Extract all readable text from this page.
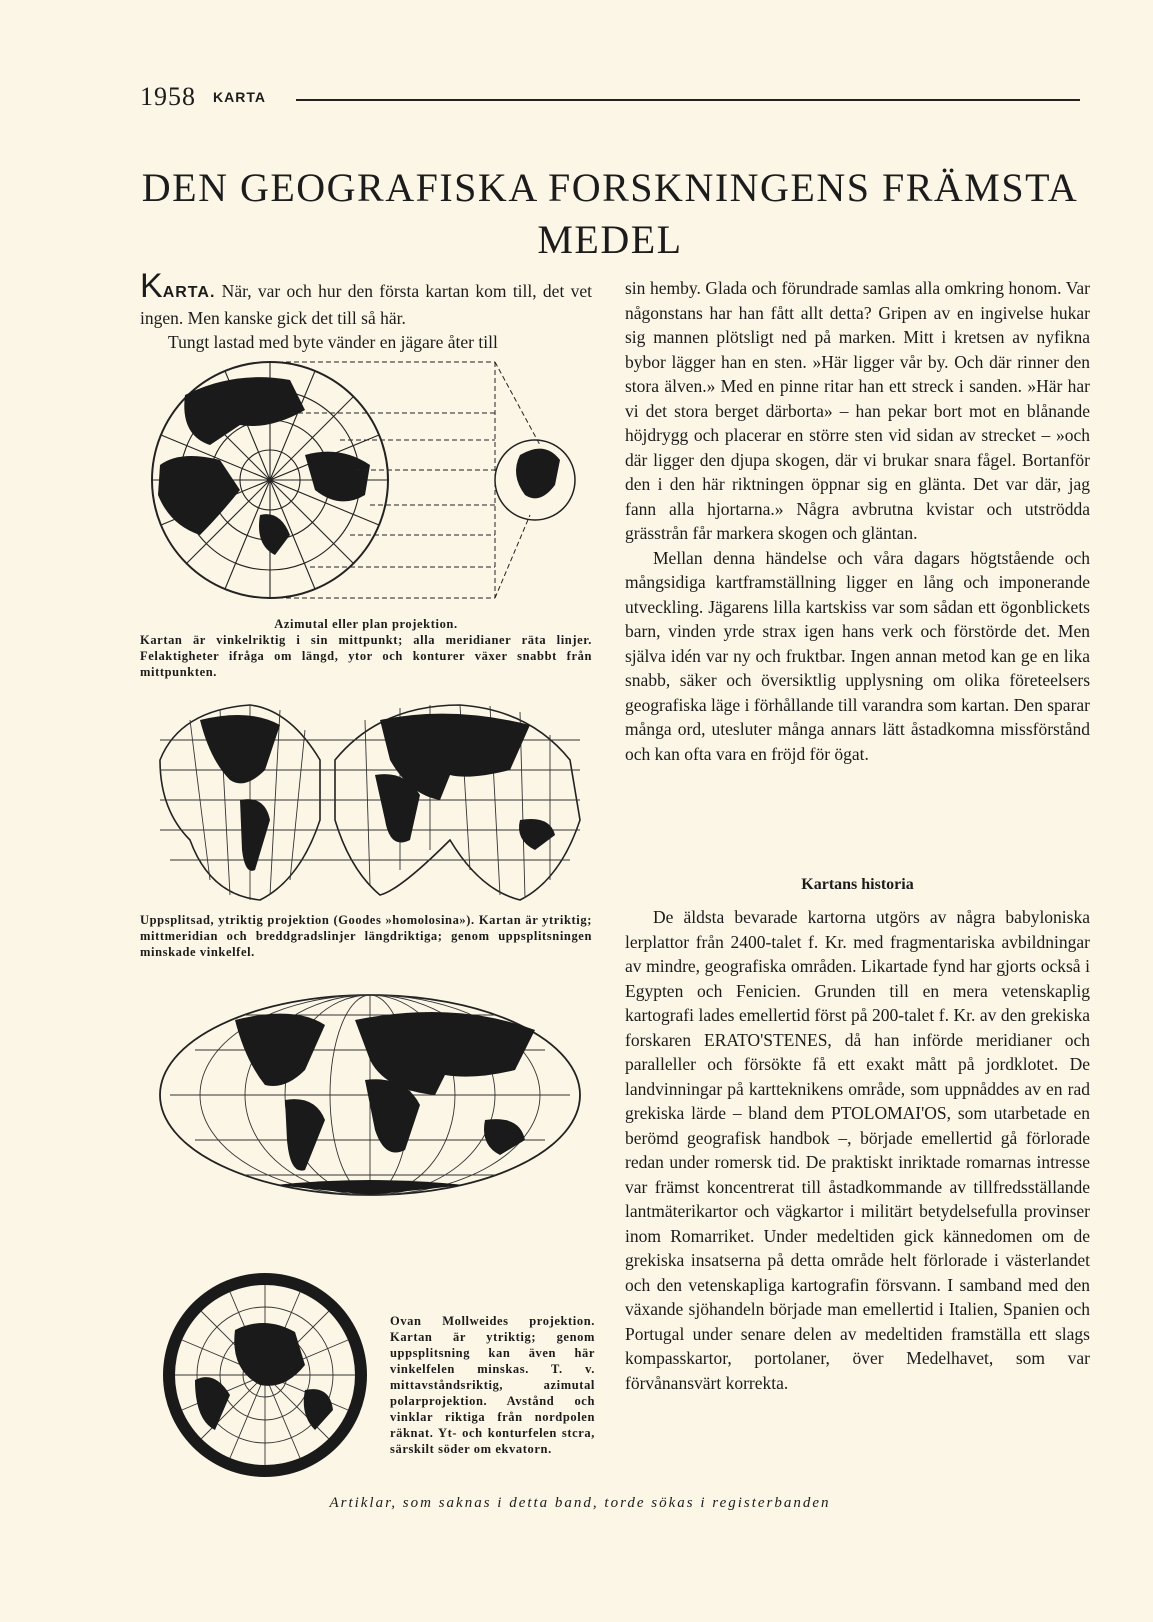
1958 KARTA
DEN GEOGRAFISKA FORSKNINGENS FRÄMSTA
MEDEL

KARTA. När, var och hur den första kartan kom till, det vet ingen. Men kanske gick det till så här.

Tungt lastad med byte vänder en jägare åter till

Azimutal eller plan projektion.
Kartan är vinkelriktig i sin mittpunkt; alla meridianer räta linjer. Felaktigheter ifråga om längd, ytor och konturer växer snabbt från mittpunkten.
Uppsplitsad, ytriktig projektion (Goodes »homolosina»). Kartan är ytriktig; mittmeridian och breddgradslinjer längdriktiga; genom uppsplitsningen minskade vinkelfel.
Ovan Mollweides projektion. Kartan är ytriktig; genom uppsplitsning kan även här vinkelfelen minskas. T. v. mittavståndsriktig, azimutal polarprojektion. Avstånd och vinklar riktiga från nordpolen räknat. Yt- och konturfelen stcra, särskilt söder om ekvatorn.

sin hemby. Glada och förundrade samlas alla omkring honom. Var någonstans har han fått allt detta? Gripen av en ingivelse hukar sig mannen plötsligt ned på marken. Mitt i kretsen av nyfikna bybor lägger han en sten. »Här ligger vår by. Och där rinner den stora älven.» Med en pinne ritar han ett streck i sanden. »Här har vi det stora berget därborta» – han pekar bort mot en blånande höjdrygg och placerar en större sten vid sidan av strecket – »och där ligger den djupa skogen, där vi brukar snara fågel. Bortanför den i den här riktningen öppnar sig en glänta. Det var där, jag fann alla hjortarna.» Några avbrutna kvistar och utströdda grässtrån får markera skogen och gläntan.

Mellan denna händelse och våra dagars högtstående och mångsidiga kartframställning ligger en lång och imponerande utveckling. Jägarens lilla kartskiss var som sådan ett ögonblickets barn, vinden yrde strax igen hans verk och förstörde det. Men själva idén var ny och fruktbar. Ingen annan metod kan ge en lika snabb, säker och översiktlig upplysning om olika företeelsers geografiska läge i förhållande till varandra som kartan. Den sparar många ord, utesluter många annars lätt åstadkomna missförstånd och kan ofta vara en fröjd för ögat.

Kartans historia

De äldsta bevarade kartorna utgörs av några babyloniska lerplattor från 2400-talet f. Kr. med fragmentariska avbildningar av mindre, geografiska områden. Likartade fynd har gjorts också i Egypten och Fenicien. Grunden till en mera vetenskaplig kartografi lades emellertid först på 200-talet f. Kr. av den grekiska forskaren ERATO'STENES, då han införde meridianer och paralleller och försökte få ett exakt mått på jordklotet. De landvinningar på kartteknikens område, som uppnåddes av en rad grekiska lärde – bland dem PTOLOMAI'OS, som utarbetade en berömd geografisk handbok –, började emellertid gå förlorade redan under romersk tid. De praktiskt inriktade romarnas intresse var främst koncentrerat till åstadkommande av tillfredsställande lantmäterikartor och vägkartor i militärt betydelsefulla provinser inom Romarriket. Under medeltiden gick kännedomen om de grekiska insatserna på detta område helt förlorade i västerlandet och den vetenskapliga kartografin försvann. I samband med den växande sjöhandeln började man emellertid i Italien, Spanien och Portugal under senare delen av medeltiden framställa ett slags kompasskartor, portolaner, över Medelhavet, som var förvånansvärt korrekta.

Artiklar, som saknas i detta band, torde sökas i registerbanden
